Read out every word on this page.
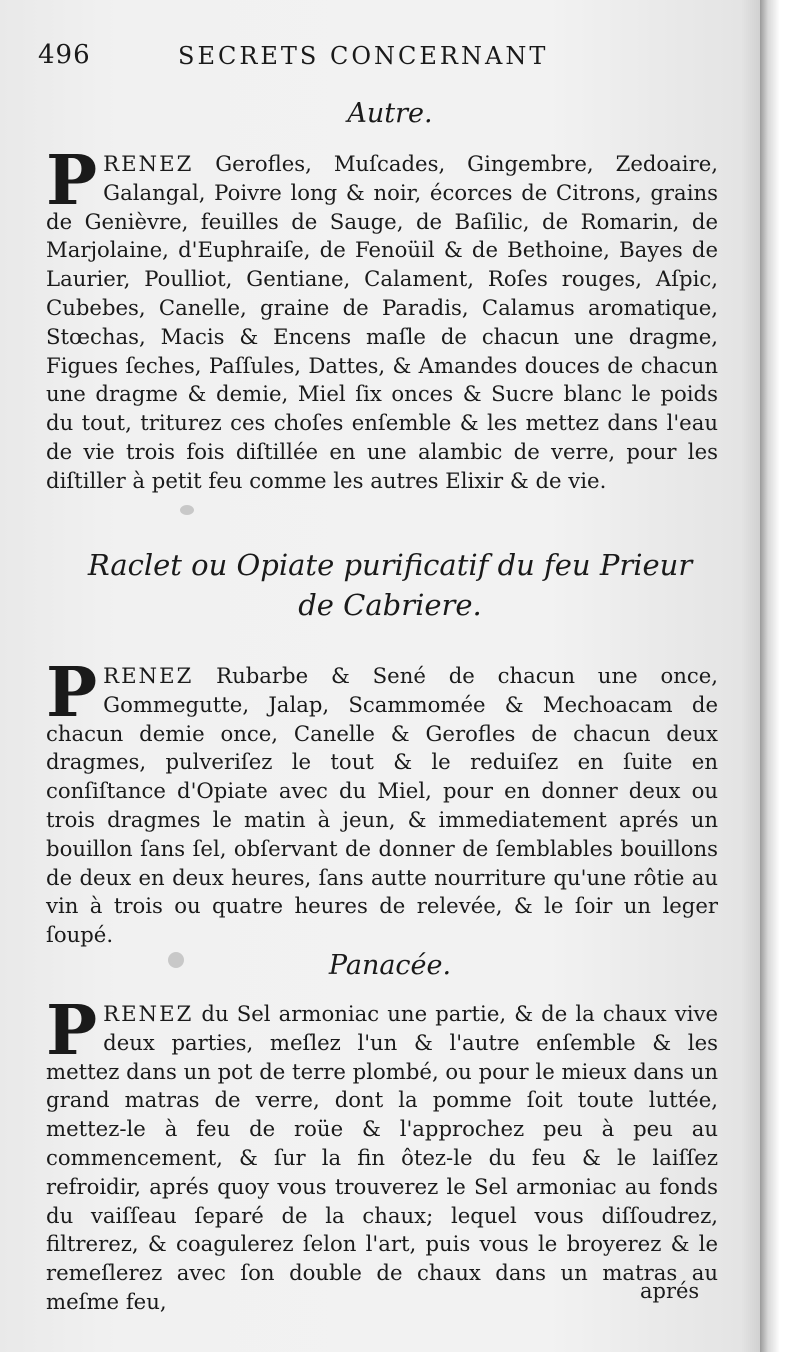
496	SECRETS CONCERNANT
Autre.

PRENEZ Gerofles, Muſcades, Gingembre, Zedoaire, Galangal, Poivre long & noir, écorces de Citrons, grains de Genièvre, feuilles de Sauge, de Baſilic, de Romarin, de Marjolaine, d'Euphraiſe, de Fenoüil & de Bethoine, Bayes de Laurier, Poulliot, Gentiane, Calament, Roſes rouges, Aſpic, Cubebes, Canelle, graine de Paradis, Calamus aromatique, Stœchas, Macis & Encens maſle de chacun une dragme, Figues ſeches, Paſſules, Dattes, & Amandes douces de chacun une dragme & demie, Miel ſix onces & Sucre blanc le poids du tout, triturez ces choſes enſemble & les mettez dans l'eau de vie trois fois diſtillée en une alambic de verre, pour les diſtiller à petit feu comme les autres Elixir & de vie.

Raclet ou Opiate purificatif du feu Prieur
de Cabriere.

PRENEZ Rubarbe & Sené de chacun une once, Gommegutte, Jalap, Scammomée & Mechoacam de chacun demie once, Canelle & Gerofles de chacun deux dragmes, pulveriſez le tout & le reduiſez en ſuite en conſiſtance d'Opiate avec du Miel, pour en donner deux ou trois dragmes le matin à jeun, & immediatement aprés un bouillon ſans ſel, obſervant de donner de ſemblables bouillons de deux en deux heures, ſans autte nourriture qu'une rôtie au vin à trois ou quatre heures de relevée, & le ſoir un leger ſoupé.

Panacée.

PRENEZ du Sel armoniac une partie, & de la chaux vive deux parties, meſlez l'un & l'autre enſemble & les mettez dans un pot de terre plombé, ou pour le mieux dans un grand matras de verre, dont la pomme ſoit toute luttée, mettez-le à feu de roüe & l'approchez peu à peu au commencement, & ſur la fin ôtez-le du feu & le laiſſez refroidir, aprés quoy vous trouverez le Sel armoniac au fonds du vaiſſeau ſeparé de la chaux; lequel vous diſſoudrez, filtrerez, & coagulerez ſelon l'art, puis vous le broyerez & le remeſlerez avec ſon double de chaux dans un matras au meſme feu,	aprés
